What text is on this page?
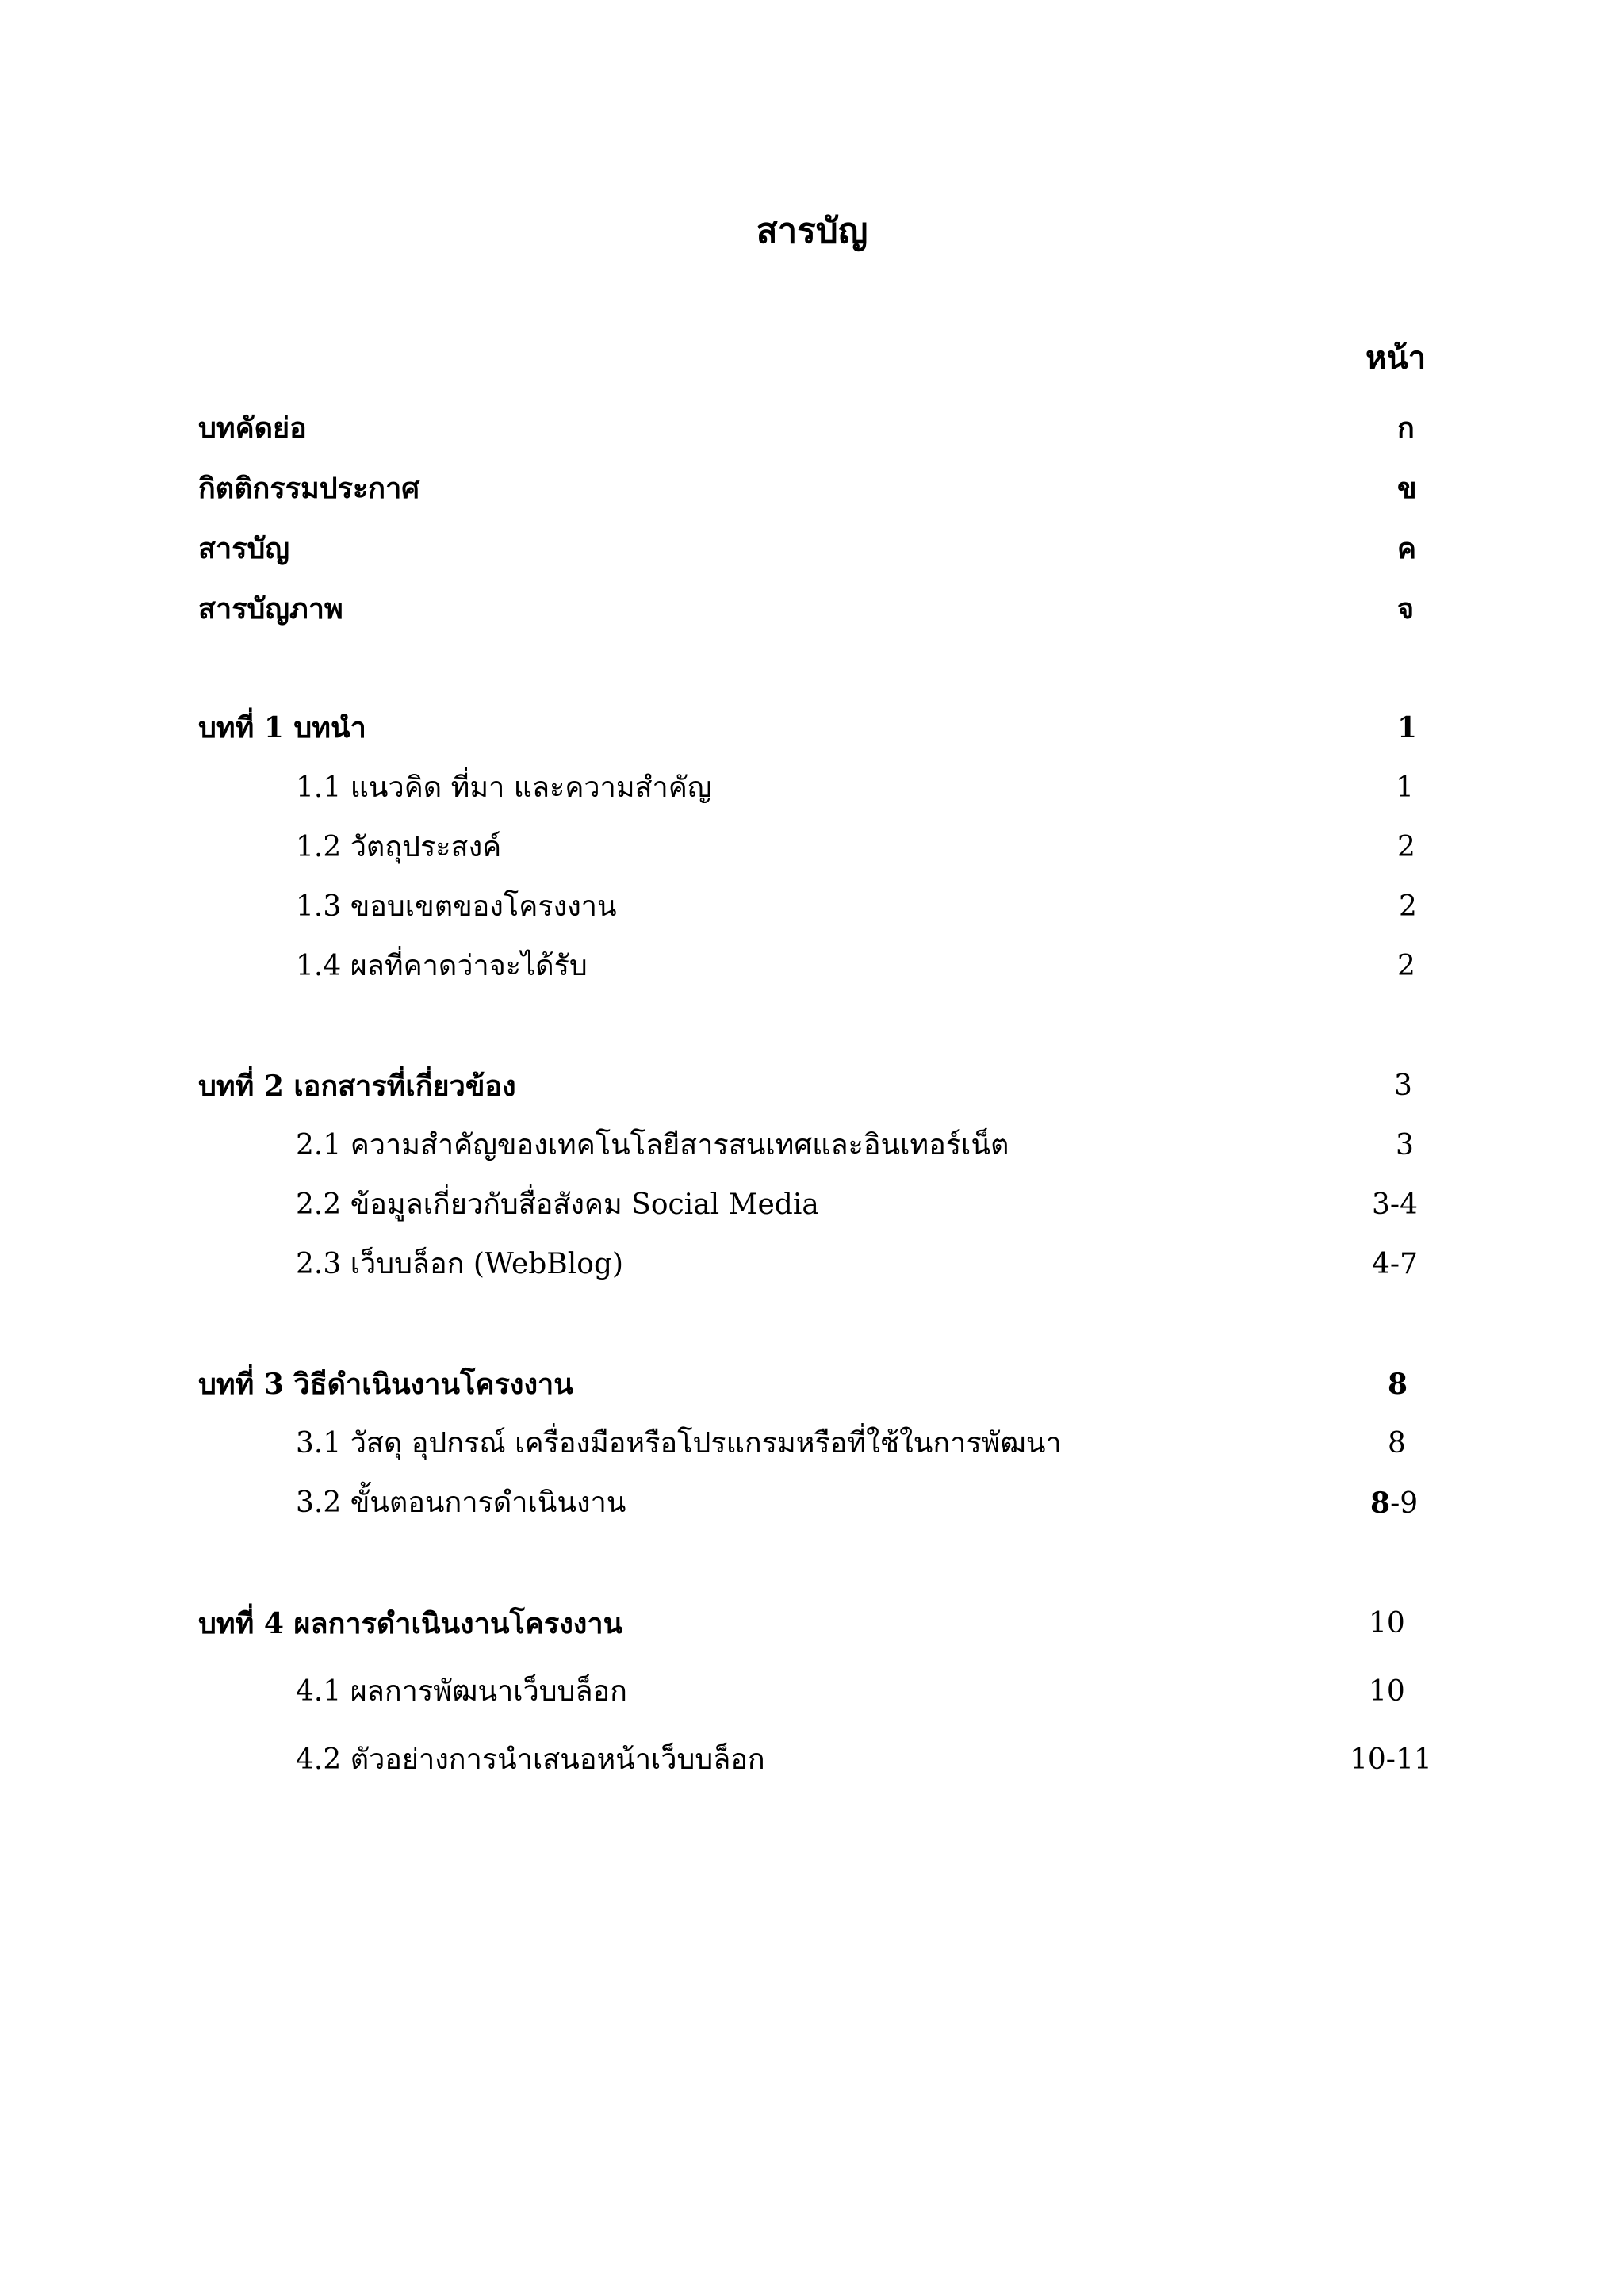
สารบัญ
หน้า
บทคัดย่อ	ก
กิตติกรรมประกาศ	ข
สารบัญ	ค
สารบัญภาพ	จ
บทที่ 1 บทนำ	1
1.1 แนวคิด ที่มา และความสำคัญ	1
1.2 วัตถุประสงค์	2
1.3 ขอบเขตของโครงงาน	2
1.4 ผลที่คาดว่าจะได้รับ	2
บทที่ 2 เอกสารที่เกี่ยวข้อง	3
2.1 ความสำคัญของเทคโนโลยีสารสนเทศและอินเทอร์เน็ต	3
2.2 ข้อมูลเกี่ยวกับสื่อสังคม Social Media	3-4
2.3 เว็บบล็อก (WebBlog)	4-7
บทที่ 3 วิธีดำเนินงานโครงงาน	8
3.1 วัสดุ อุปกรณ์ เครื่องมือหรือโปรแกรมหรือที่ใช้ในการพัฒนา	8
3.2 ขั้นตอนการดำเนินงาน	8-9
บทที่ 4 ผลการดำเนินงานโครงงาน	10
4.1 ผลการพัฒนาเว็บบล็อก	10
4.2 ตัวอย่างการนำเสนอหน้าเว็บบล็อก	10-11
